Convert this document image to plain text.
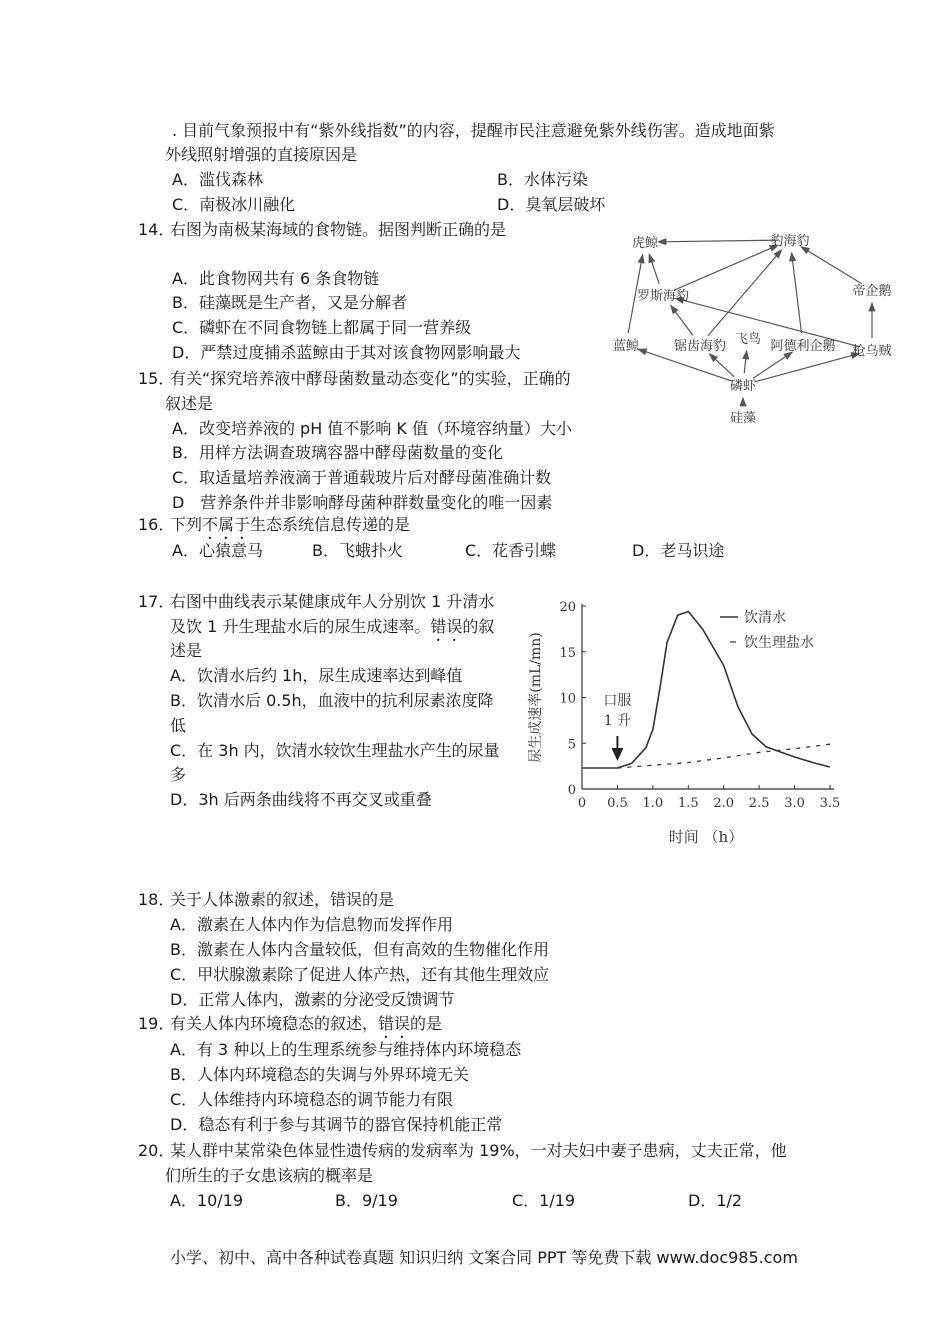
. 目前气象预报中有“紫外线指数”的内容，提醒市民注意避免紫外线伤害。造成地面紫
外线照射增强的直接原因是
A．滥伐森林	B．水体污染
C．南极冰川融化	D．臭氧层破坏
14．
右图为南极某海域的食物链。据图判断正确的是
A．此食物网共有 6 条食物链
B．硅藻既是生产者，又是分解者
C．磷虾在不同食物链上都属于同一营养级
D．严禁过度捕杀蓝鲸由于其对该食物网影响最大
虎鲸	豹海豹
罗斯海豹	帝企鹅
蓝鲸	锯齿海豹 飞鸟 阿德利企鹅 枪乌贼
磷虾
硅藻
15．
有关“探究培养液中酵母菌数量动态变化”的实验，正确的
叙述是
A．改变培养液的 pH 值不影响 K 值（环境容纳量）大小
B．用样方法调查玻璃容器中酵母菌数量的变化
C．取适量培养液滴于普通载玻片后对酵母菌准确计数
D　营养条件并非影响酵母菌种群数量变化的唯一因素
16．
下列不属于生态系统信息传递的是
A．心猿意马	B．飞蛾扑火	C．花香引蝶	D．老马识途
17．
右图中曲线表示某健康成年人分别饮 1 升清水
及饮 1 升生理盐水后的尿生成速率。错误的叙
述是
A．饮清水后约 1h，尿生成速率达到峰值
B．饮清水后 0.5h，血液中的抗利尿素浓度降
低
C．在 3h 内，饮清水较饮生理盐水产生的尿量
多
D．3h 后两条曲线将不再交叉或重叠	0 0.5 1.0 1.5 2.0 2.5 3.0 3.5
0
5
10
15
20
时间 （h）
尿生成速率(mL/mn)
饮清水
饮生理盐水
口服
1 升
18．
关于人体激素的叙述，错误的是
A．激素在人体内作为信息物而发挥作用
B．激素在人体内含量较低，但有高效的生物催化作用
C．甲状腺激素除了促进人体产热，还有其他生理效应
D．正常人体内，激素的分泌受反馈调节
19．
有关人体内环境稳态的叙述，错误的是
A．有 3 种以上的生理系统参与维持体内环境稳态
B．人体内环境稳态的失调与外界环境无关
C．人体维持内环境稳态的调节能力有限
D．稳态有利于参与其调节的器官保持机能正常
20．
某人群中某常染色体显性遗传病的发病率为 19%，一对夫妇中妻子患病，丈夫正常，他
们所生的子女患该病的概率是
A．10/19	B．9/19	C．1/19	D．1/2
小学、初中、高中各种试卷真题 知识归纳 文案合同 PPT 等免费下载 www.doc985.com
